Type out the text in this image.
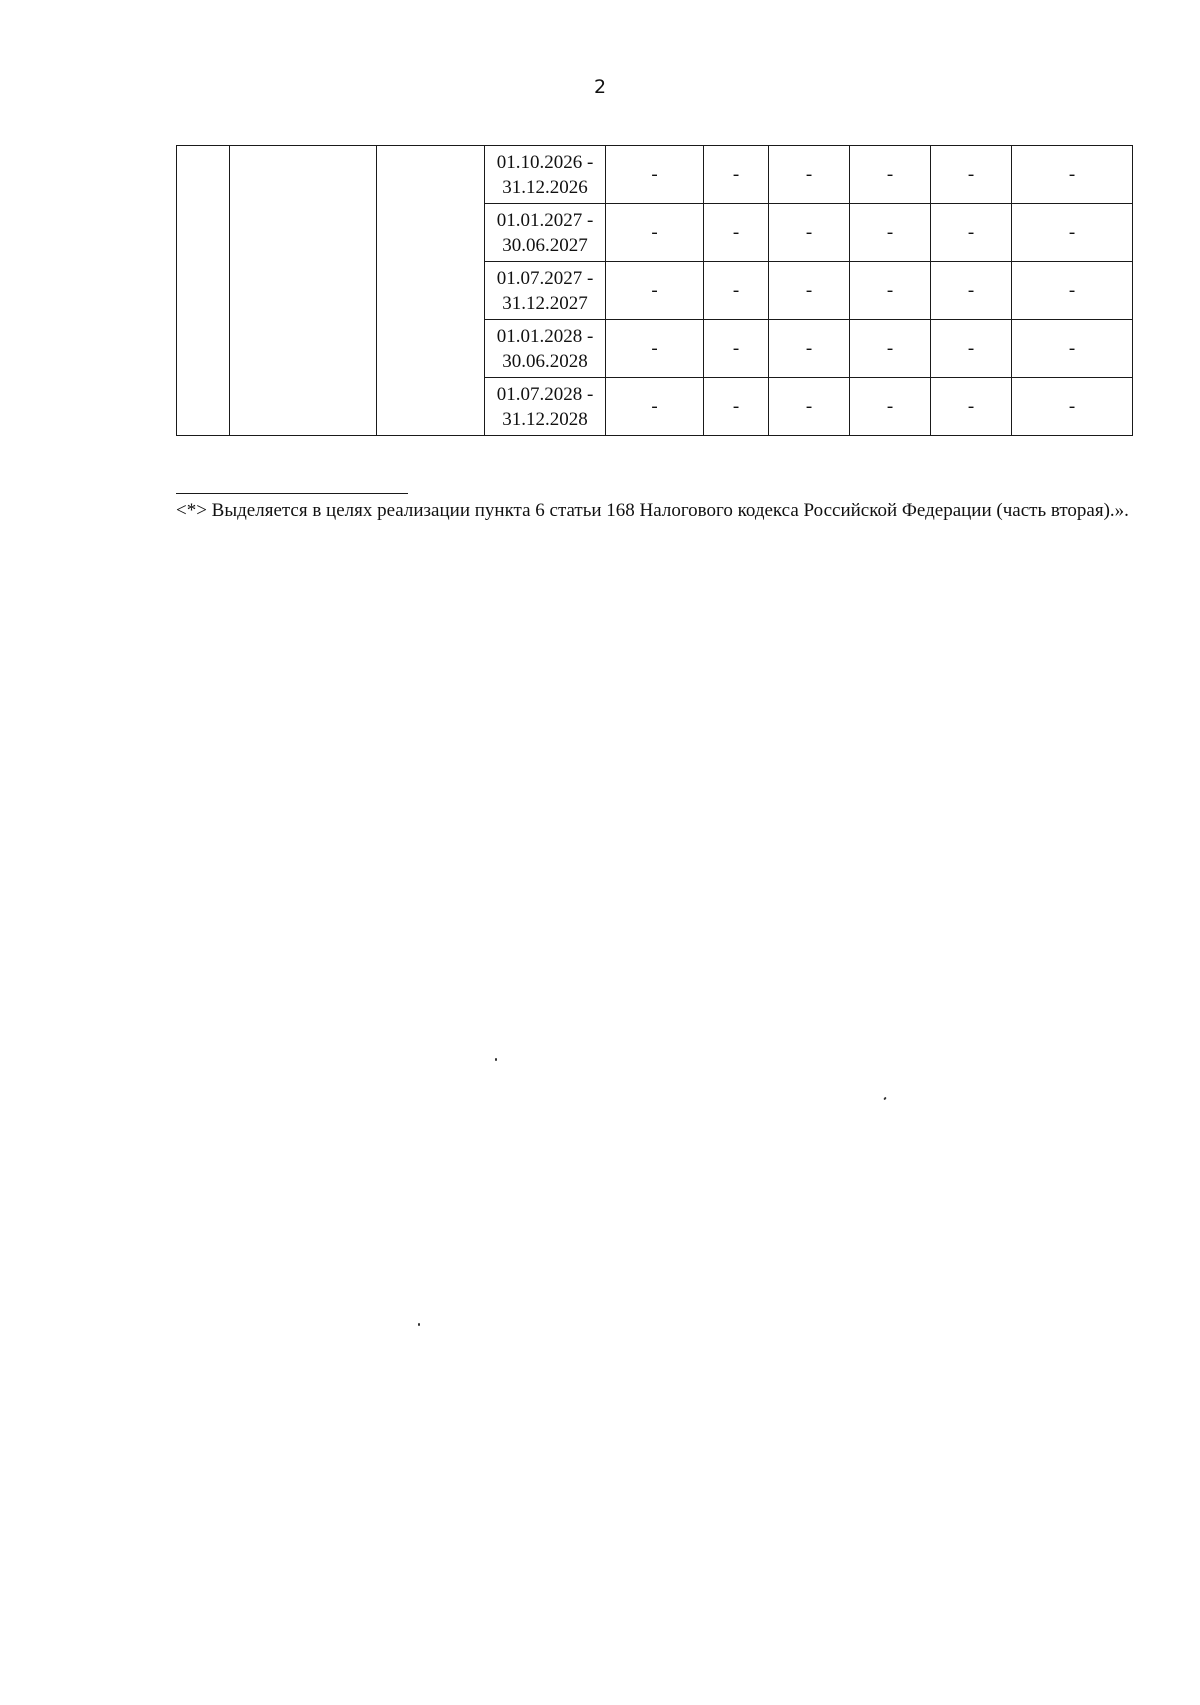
2

			01.10.2026 -
31.12.2026	-	-	-	-	-	-

			01.01.2027 -
30.06.2027	-	-	-	-	-	-

			01.07.2027 -
31.12.2027	-	-	-	-	-	-

			01.01.2028 -
30.06.2028	-	-	-	-	-	-

			01.07.2028 -
31.12.2028	-	-	-	-	-	-
<*> Выделяется в целях реализации пункта 6 статьи 168 Налогового кодекса Российской Федерации (часть вторая).».
